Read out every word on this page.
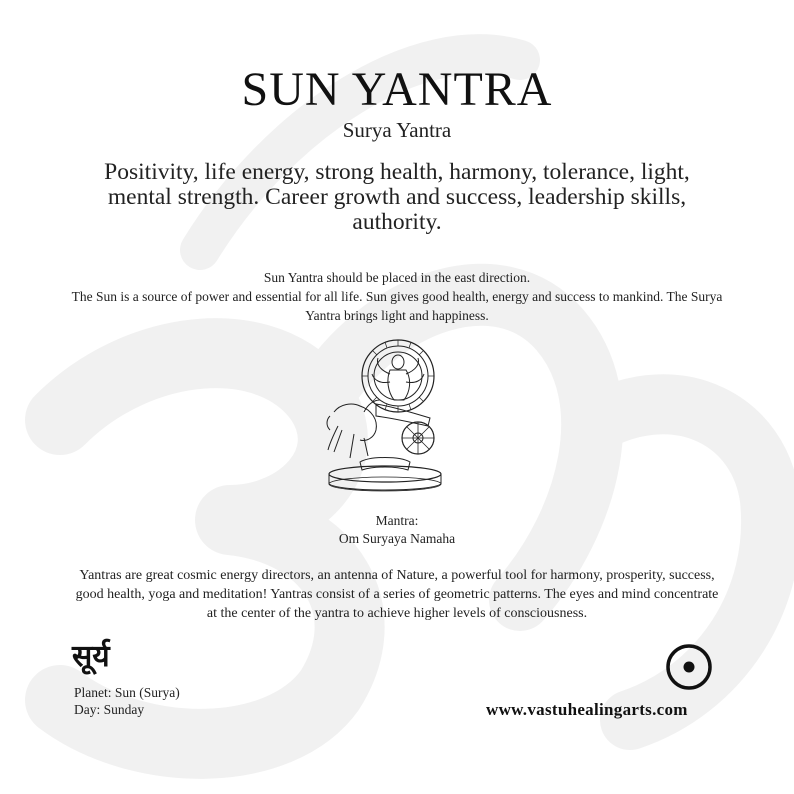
SUN YANTRA
Surya Yantra
Positivity, life energy, strong health, harmony, tolerance, light, mental strength. Career growth and success, leadership skills, authority.
Sun Yantra should be placed in the east direction.
The Sun is a source of power and essential for all life. Sun gives good health, energy and success to mankind. The Surya Yantra brings light and happiness.
Mantra:
Om Suryaya Namaha
Yantras are great cosmic energy directors, an antenna of Nature, a powerful tool for harmony, prosperity, success, good health, yoga and meditation! Yantras consist of a series of geometric patterns. The eyes and mind concentrate at the center of the yantra to achieve higher levels of consciousness.
सूर्य
Planet: Sun (Surya)
Day: Sunday	www.vastuhealingarts.com
